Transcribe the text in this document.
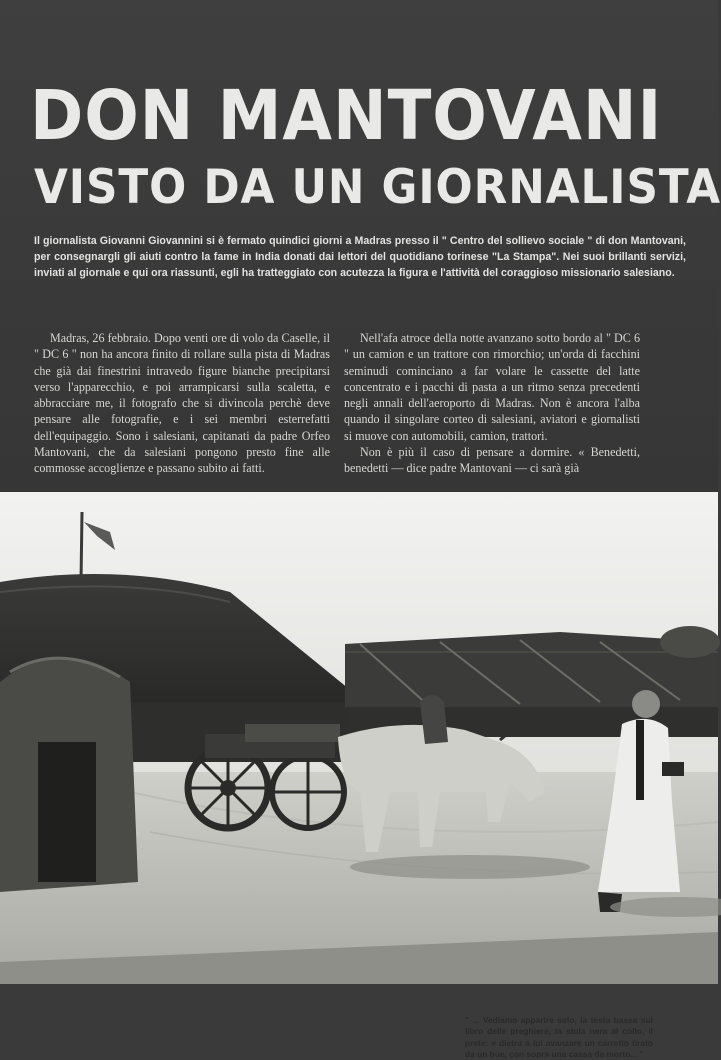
DON MANTOVANI
VISTO DA UN GIORNALISTA

Il giornalista Giovanni Giovannini si è fermato quindici giorni a Madras presso il " Centro del sollievo sociale " di don Mantovani, per consegnargli gli aiuti contro la fame in India donati dai lettori del quotidiano torinese "La Stampa". Nei suoi brillanti servizi, inviati al giornale e qui ora riassunti, egli ha tratteggiato con acutezza la figura e l'attività del coraggioso missionario salesiano.

Madras, 26 febbraio. Dopo venti ore di volo da Caselle, il " DC 6 " non ha ancora finito di rollare sulla pista di Madras che già dai finestrini intravedo figure bianche precipitarsi verso l'apparecchio, e poi arrampicarsi sulla scaletta, e abbracciare me, il fotografo che si divincola perchè deve pensare alle fotografie, e i sei membri esterrefatti dell'equipaggio. Sono i salesiani, capitanati da padre Orfeo Mantovani, che da salesiani pongono presto fine alle commosse accoglienze e passano subito ai fatti.

Nell'afa atroce della notte avanzano sotto bordo al " DC 6 " un camion e un trattore con rimorchio; un'orda di facchini seminudi cominciano a far volare le cassette del latte concentrato e i pacchi di pasta a un ritmo senza precedenti negli annali dell'aeroporto di Madras. Non è ancora l'alba quando il singolare corteo di salesiani, aviatori e giornalisti si muove con automobili, camion, trattori.

Non è più il caso di pensare a dormire. « Benedetti, benedetti — dice padre Mantovani — ci sarà già

" ... Vediamo apparire solo, la testa bassa sul libro delle preghiere, la stola nera al collo, il prete: e dietro a lui avanzare un carretto tirato da un bue, con sopra una cassa da morto... "
